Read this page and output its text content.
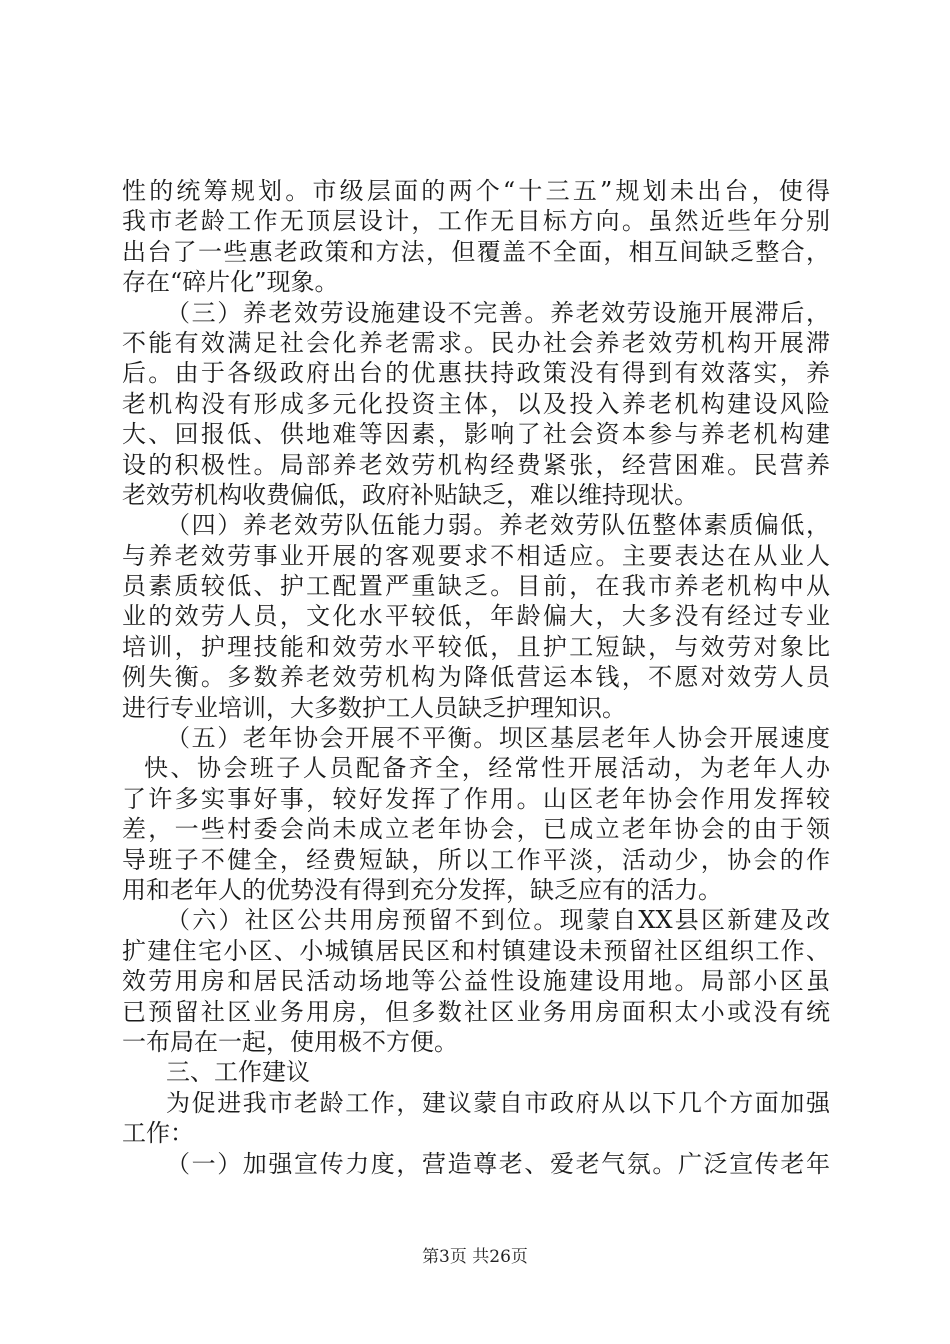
性的统筹规划。市级层面的两个“十三五”规划未出台，使得
我市老龄工作无顶层设计，工作无目标方向。虽然近些年分别
出台了一些惠老政策和方法，但覆盖不全面，相互间缺乏整合，
存在“碎片化”现象。
（三）养老效劳设施建设不完善。养老效劳设施开展滞后，
不能有效满足社会化养老需求。民办社会养老效劳机构开展滞
后。由于各级政府出台的优惠扶持政策没有得到有效落实，养
老机构没有形成多元化投资主体，以及投入养老机构建设风险
大、回报低、供地难等因素，影响了社会资本参与养老机构建
设的积极性。局部养老效劳机构经费紧张，经营困难。民营养
老效劳机构收费偏低，政府补贴缺乏，难以维持现状。
（四）养老效劳队伍能力弱。养老效劳队伍整体素质偏低，
与养老效劳事业开展的客观要求不相适应。主要表达在从业人
员素质较低、护工配置严重缺乏。目前，在我市养老机构中从
业的效劳人员，文化水平较低，年龄偏大，大多没有经过专业
培训，护理技能和效劳水平较低，且护工短缺，与效劳对象比
例失衡。多数养老效劳机构为降低营运本钱，不愿对效劳人员
进行专业培训，大多数护工人员缺乏护理知识。
（五）老年协会开展不平衡。坝区基层老年人协会开展速度
快、协会班子人员配备齐全，经常性开展活动，为老年人办
了许多实事好事，较好发挥了作用。山区老年协会作用发挥较
差，一些村委会尚未成立老年协会，已成立老年协会的由于领
导班子不健全，经费短缺，所以工作平淡，活动少，协会的作
用和老年人的优势没有得到充分发挥，缺乏应有的活力。
（六）社区公共用房预留不到位。现蒙自XX县区新建及改
扩建住宅小区、小城镇居民区和村镇建设未预留社区组织工作、
效劳用房和居民活动场地等公益性设施建设用地。局部小区虽
已预留社区业务用房，但多数社区业务用房面积太小或没有统
一布局在一起，使用极不方便。
三、工作建议
为促进我市老龄工作，建议蒙自市政府从以下几个方面加强
工作：
（一）加强宣传力度，营造尊老、爱老气氛。广泛宣传老年
第3页 共26页
